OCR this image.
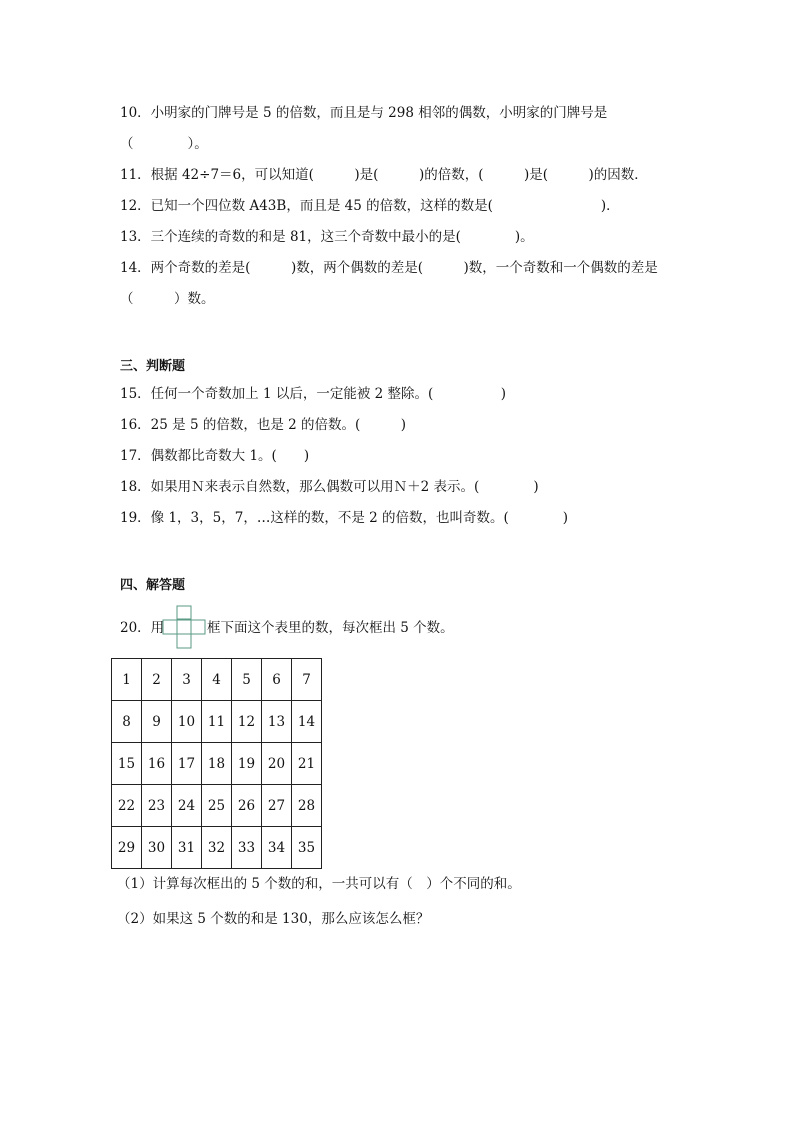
10．小明家的门牌号是 5 的倍数，而且是与 298 相邻的偶数，小明家的门牌号是
（　　　　）。
11．根据 42÷7＝6，可以知道(　　　)是(　　　)的倍数，(　　　)是(　　　)的因数．
12．已知一个四位数 A43B，而且是 45 的倍数，这样的数是(　　　　　　　　)．
13．三个连续的奇数的和是 81，这三个奇数中最小的是(　　　　)。
14．两个奇数的差是(　　　)数，两个偶数的差是(　　　)数，一个奇数和一个偶数的差是
（　　　）数。
三、判断题
15．任何一个奇数加上 1 以后，一定能被 2 整除。(　　　　　)
16．25 是 5 的倍数，也是 2 的倍数。(　　　)
17．偶数都比奇数大 1。(　　)
18．如果用Ｎ来表示自然数，那么偶数可以用Ｎ＋2 表示。(　　　　)
19．像 1，3，5，7，…这样的数，不是 2 的倍数，也叫奇数。(　　　　)
四、解答题
20．用	框下面这个表里的数，每次框出 5 个数。
1	2	3	4	5	6	7
8	9	10	11	12	13	14
15	16	17	18	19	20	21
22	23	24	25	26	27	28
29	30	31	32	33	34	35
（1）计算每次框出的 5 个数的和，一共可以有（　）个不同的和。
（2）如果这 5 个数的和是 130，那么应该怎么框？
